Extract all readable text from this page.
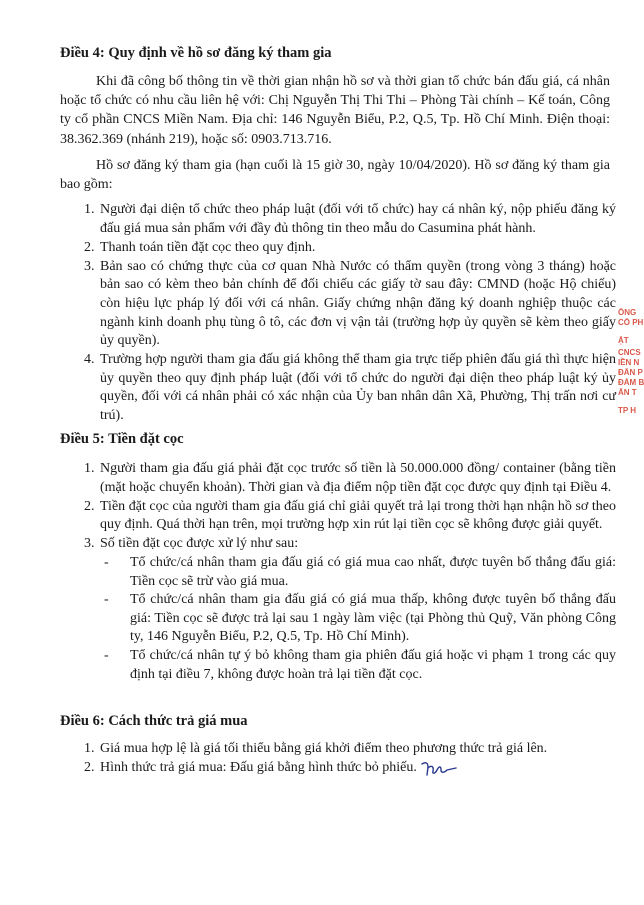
Điều 4: Quy định về hồ sơ đăng ký tham gia
Khi đã công bố thông tin về thời gian nhận hồ sơ và thời gian tổ chức bán đấu giá, cá nhân hoặc tổ chức có nhu cầu liên hệ với: Chị Nguyễn Thị Thi Thi – Phòng Tài chính – Kế toán, Công ty cổ phần CNCS Miền Nam. Địa chỉ: 146 Nguyễn Biểu, P.2, Q.5, Tp. Hồ Chí Minh. Điện thoại: 38.362.369 (nhánh 219), hoặc số: 0903.713.716.
Hồ sơ đăng ký tham gia (hạn cuối là 15 giờ 30, ngày 10/04/2020). Hồ sơ đăng ký tham gia bao gồm:
1. Người đại diện tổ chức theo pháp luật (đối với tổ chức) hay cá nhân ký, nộp phiếu đăng ký đấu giá mua sản phẩm với đầy đủ thông tin theo mẫu do Casumina phát hành.
2. Thanh toán tiền đặt cọc theo quy định.
3. Bản sao có chứng thực của cơ quan Nhà Nước có thẩm quyền (trong vòng 3 tháng) hoặc bản sao có kèm theo bản chính để đối chiếu các giấy tờ sau đây: CMND (hoặc Hộ chiếu) còn hiệu lực pháp lý đối với cá nhân. Giấy chứng nhận đăng ký doanh nghiệp thuộc các ngành kinh doanh phụ tùng ô tô, các đơn vị vận tải (trường hợp ủy quyền sẽ kèm theo giấy ủy quyền).
4. Trường hợp người tham gia đấu giá không thể tham gia trực tiếp phiên đấu giá thì thực hiện ủy quyền theo quy định pháp luật (đối với tổ chức do người đại diện theo pháp luật ký ủy quyền, đối với cá nhân phải có xác nhận của Ủy ban nhân dân Xã, Phường, Thị trấn nơi cư trú).
Điều 5: Tiền đặt cọc
1. Người tham gia đấu giá phải đặt cọc trước số tiền là 50.000.000 đồng/ container (bằng tiền (mặt hoặc chuyển khoản). Thời gian và địa điểm nộp tiền đặt cọc được quy định tại Điều 4.
2. Tiền đặt cọc của người tham gia đấu giá chỉ giải quyết trả lại trong thời hạn nhận hồ sơ theo quy định. Quá thời hạn trên, mọi trường hợp xin rút lại tiền cọc sẽ không được giải quyết.
3. Số tiền đặt cọc được xử lý như sau:
- Tổ chức/cá nhân tham gia đấu giá có giá mua cao nhất, được tuyên bố thắng đấu giá: Tiền cọc sẽ trừ vào giá mua.
- Tổ chức/cá nhân tham gia đấu giá có giá mua thấp, không được tuyên bố thắng đấu giá: Tiền cọc sẽ được trả lại sau 1 ngày làm việc (tại Phòng thủ Quỹ, Văn phòng Công ty, 146 Nguyễn Biểu, P.2, Q.5, Tp. Hồ Chí Minh).
- Tổ chức/cá nhân tự ý bỏ không tham gia phiên đấu giá hoặc vi phạm 1 trong các quy định tại điều 7, không được hoàn trả lại tiền đặt cọc.
Điều 6: Cách thức trả giá mua
1. Giá mua hợp lệ là giá tối thiểu bằng giá khởi điểm theo phương thức trả giá lên.
2. Hình thức trả giá mua: Đấu giá bằng hình thức bỏ phiếu.
ÔNG
CÔ PH
ẬT
CNCS
IỀN N
ĐÂN P
ĐẢM B
ẨN T
TP H
